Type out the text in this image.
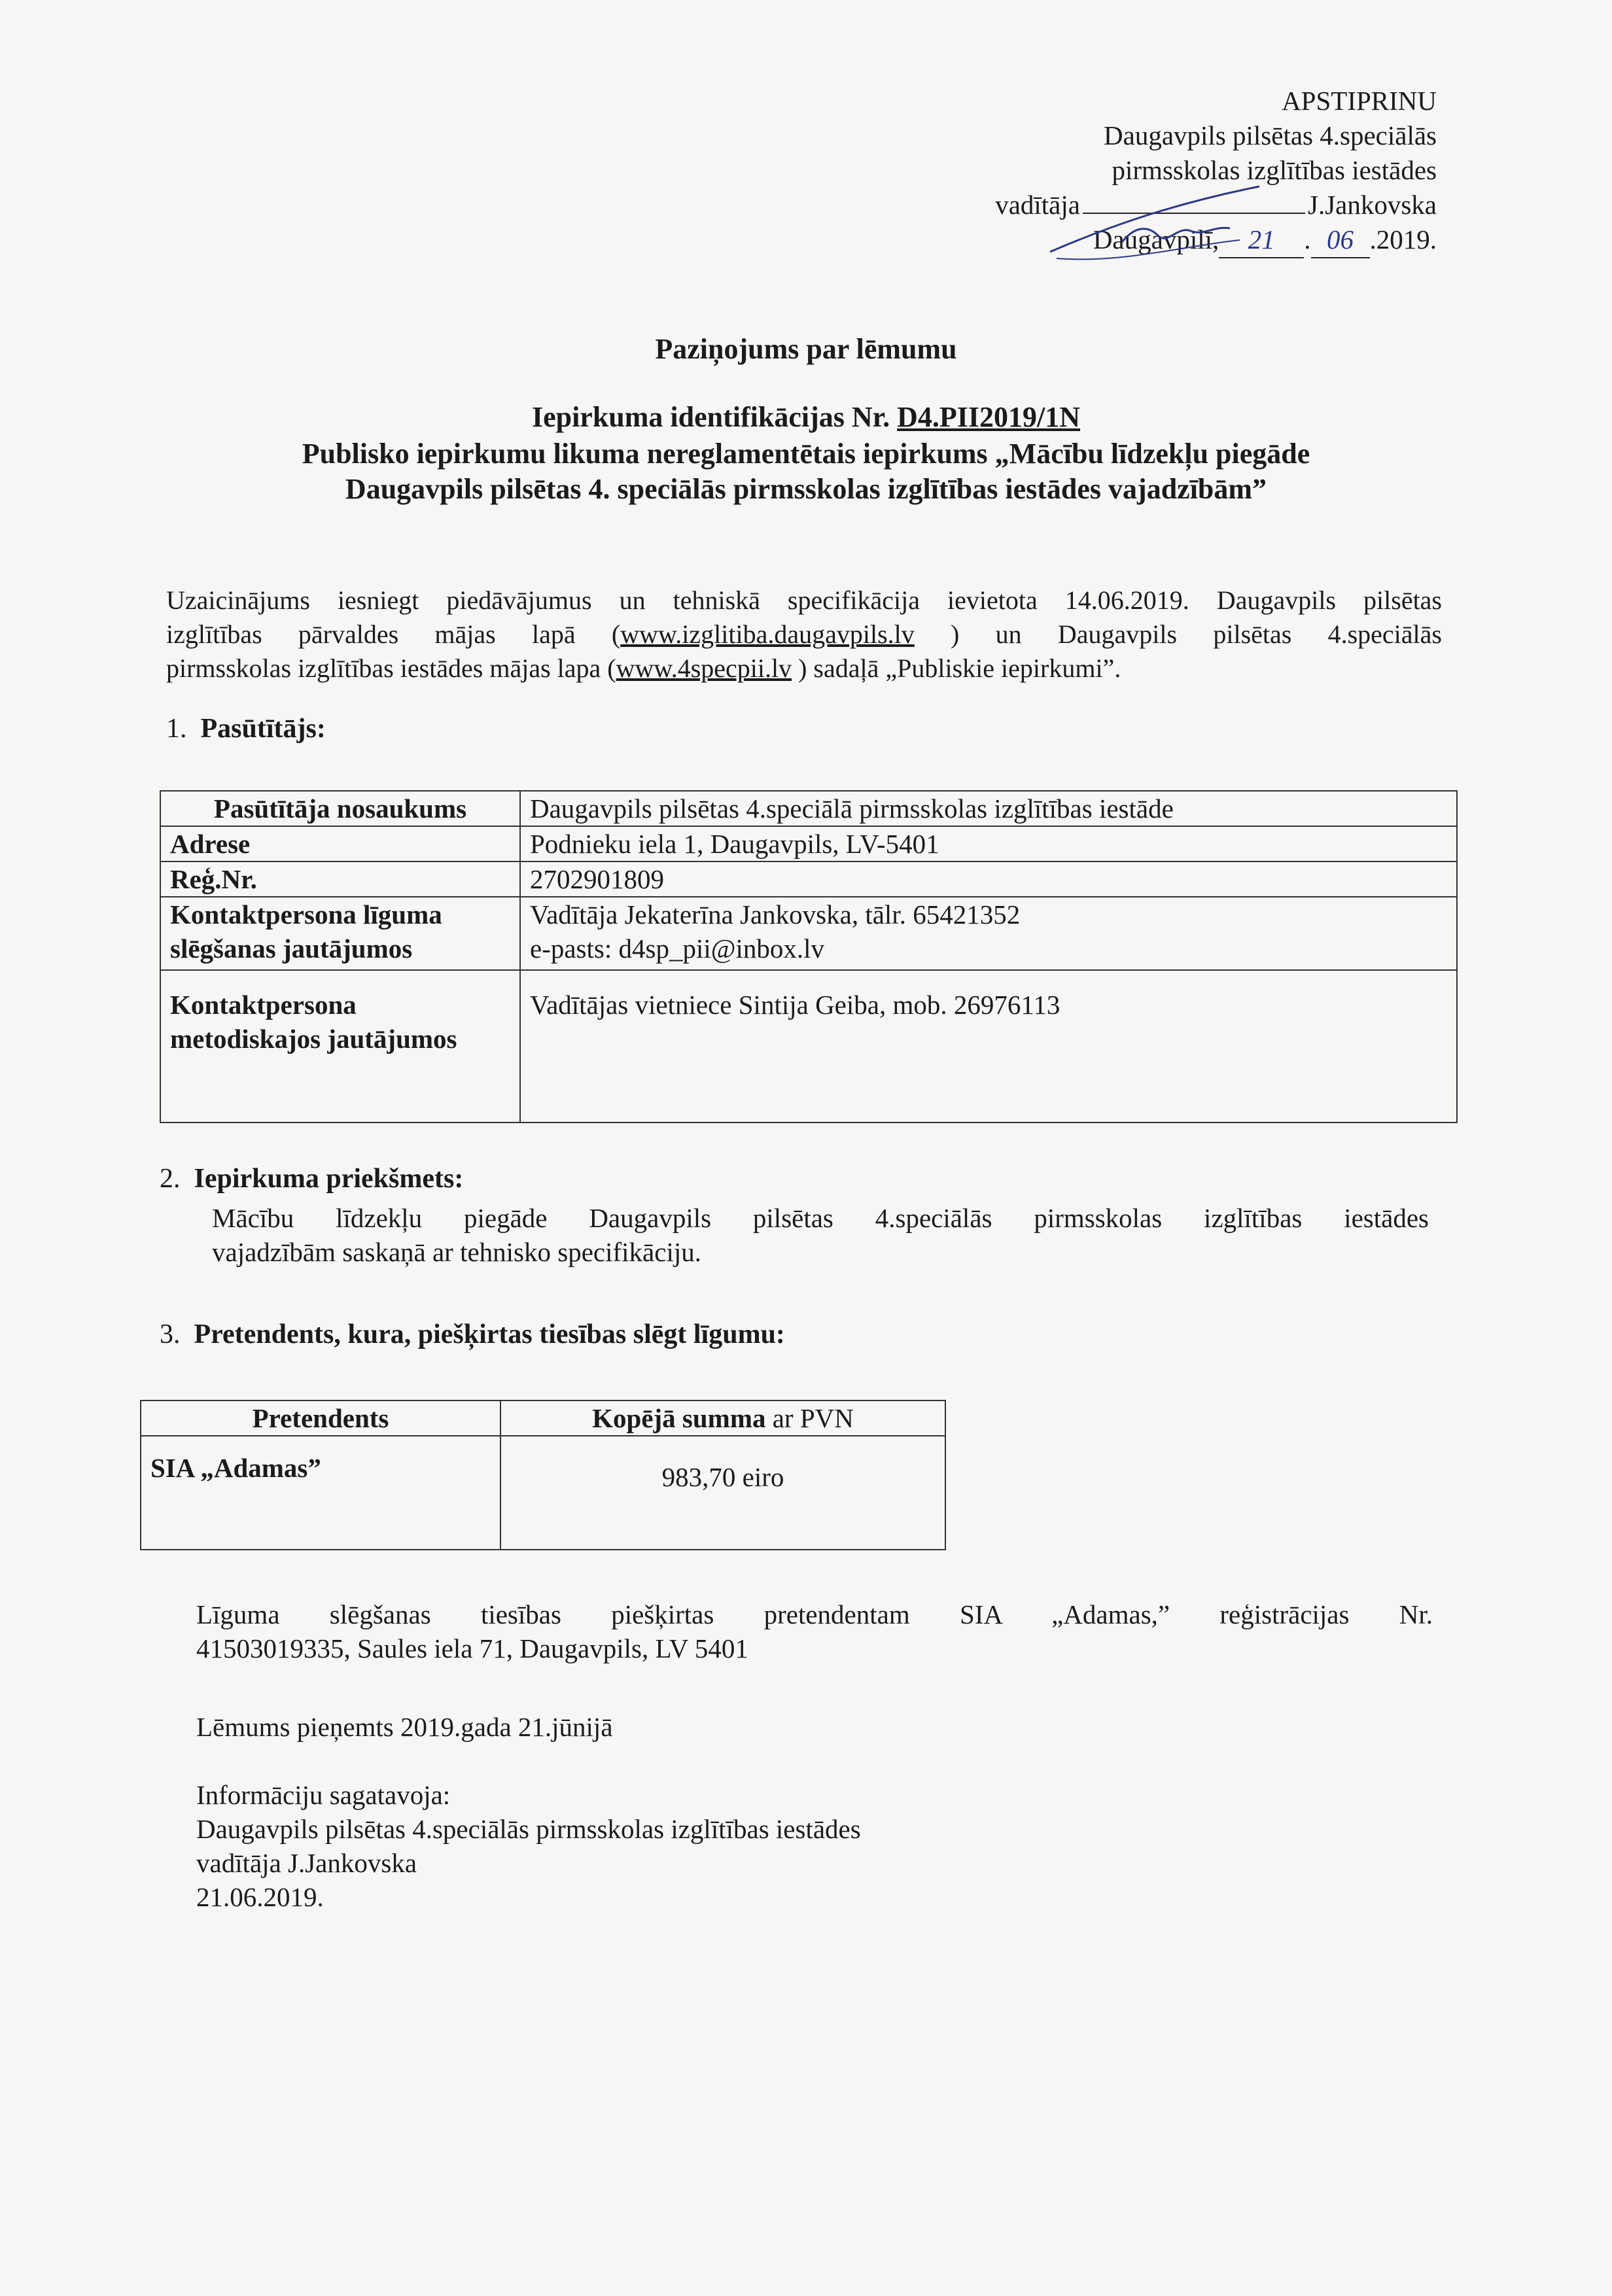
APSTIPRINU
Daugavpils pilsētas 4.speciālās
pirmsskolas izglītības iestādes
vadītāja	J.Jankovska
Daugavpilī, 21 . 06 .2019.
Paziņojums par lēmumu
Iepirkuma identifikācijas Nr. D4.PII2019/1N
Publisko iepirkumu likuma nereglamentētais iepirkums „Mācību līdzekļu piegāde
Daugavpils pilsētas 4. speciālās pirmsskolas izglītības iestādes vajadzībām”
Uzaicinājums iesniegt piedāvājumus un tehniskā specifikācija ievietota 14.06.2019. Daugavpils pilsētas
izglītības pārvaldes mājas lapā (www.izglitiba.daugavpils.lv ) un Daugavpils pilsētas 4.speciālās
pirmsskolas izglītības iestādes mājas lapa (www.4specpii.lv ) sadaļā „Publiskie iepirkumi”.
1. Pasūtītājs:
Pasūtītāja nosaukums	Daugavpils pilsētas 4.speciālā pirmsskolas izglītības iestāde
Adrese	Podnieku iela 1, Daugavpils, LV-5401
Reģ.Nr.	2702901809
Kontaktpersona līguma slēgšanas jautājumos	Vadītāja Jekaterīna Jankovska, tālr. 65421352
e-pasts: d4sp_pii@inbox.lv

Kontaktpersona metodiskajos jautājumos	Vadītājas vietniece Sintija Geiba, mob. 26976113
2. Iepirkuma priekšmets:
Mācību līdzekļu piegāde Daugavpils pilsētas 4.speciālās pirmsskolas izglītības iestādes
vajadzībām saskaņā ar tehnisko specifikāciju.
3. Pretendents, kura, piešķirtas tiesības slēgt līgumu:
Pretendents	Kopējā summa ar PVN
SIA „Adamas”	983,70 eiro
Līguma slēgšanas tiesības piešķirtas pretendentam SIA „Adamas,” reģistrācijas Nr.
41503019335, Saules iela 71, Daugavpils, LV 5401
Lēmums pieņemts 2019.gada 21.jūnijā
Informāciju sagatavoja:
Daugavpils pilsētas 4.speciālās pirmsskolas izglītības iestādes
vadītāja J.Jankovska
21.06.2019.
